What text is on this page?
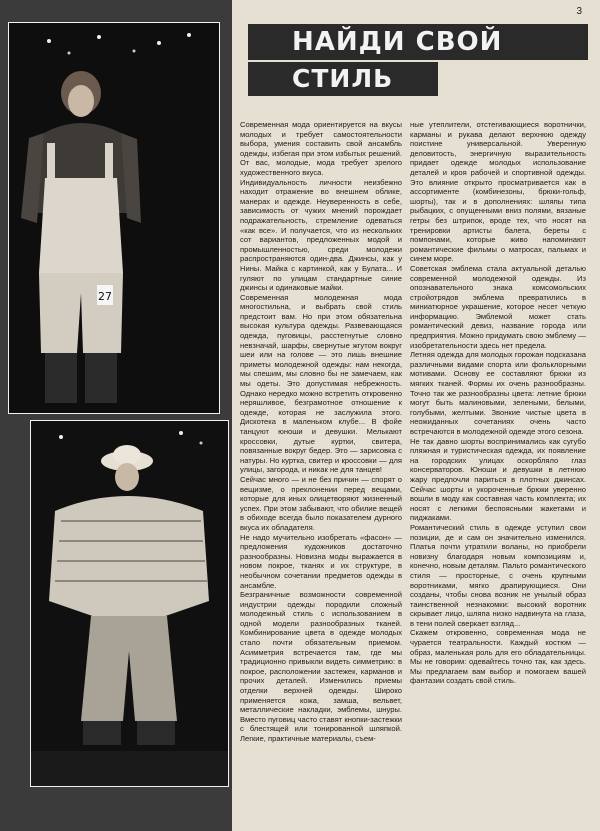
27
3
НАЙДИ СВОЙ
СТИЛЬ

Современная мода ориентируется на вкусы молодых и требует самостоятельности выбора, умения составить свой ансамбль одежды, избегая при этом избытых решений. От вас, молодые, мода требует зрелого художественного вкуса.

Индивидуальность личности неизбежно находит отражение во внешнем облике, манерах и одежде. Неуверенность в себе, зависимость от чужих мнений порождает подражательность, стремление одеваться «как все». И получается, что из нескольких сот вариантов, предложенных модой и промышленностью, среди молодежи распространяются один-два. Джинсы, как у Нины. Майка с картинкой, как у Булата... И гуляют по улицам стандартные синие джинсы и одинаковые майки.

Современная молодежная мода многостильна, и выбрать свой стиль предстоит вам. Но при этом обязательна высокая культура одежды. Развевающаяся одежда, пуговицы, расстегнутые словно невзначай, шарфы, свернутые жгутом вокруг шеи или на голове — это лишь внешние приметы молодежной одежды: нам некогда, мы спешим, мы словно бы не замечаем, как мы одеты. Это допустимая небрежность. Однако нередко можно встретить откровенно неряшливое, безграмотное отношение к одежде, которая не заслужила этого. Дискотека в маленьком клубе... В фойе танцуют юноши и девушки. Мелькают кроссовки, дутые куртки, свитера, повязанные вокруг бедер. Это — зарисовка с натуры. Но куртка, свитер и кроссовки — для улицы, загорода, и никак не для танцев!

Сейчас много — и не без причин — спорят о вещизме, о преклонении перед вещами, которые для иных олицетворяют жизненный успех. При этом забывают, что обилие вещей в обиходе всегда было показателем дурного вкуса их обладателя.

Не надо мучительно изобретать «фасон» — предложения художников достаточно разнообразны. Новизна моды выражается в новом покрое, тканях и их структуре, в необычном сочетании предметов одежды в ансамбле.

Безграничные возможности современной индустрии одежды породили сложный молодежный стиль с использованием в одной модели разнообразных тканей. Комбинирование цвета в одежде молодых стало почти обязательным приемом. Асимметрия встречается там, где мы традиционно привыкли видеть симметрию: в покрое, расположении застежек, карманов и прочих деталей. Изменились приемы отделки верхней одежды. Широко применяется кожа, замша, вельвет, металлические накладки, эмблемы, шнуры. Вместо пуговиц часто ставят кнопки-застежки с блестящей или тонированной шляпкой. Легкие, практичные материалы, съем-

ные утеплители, отстегивающиеся воротнички, карманы и рукава делают верхнюю одежду поистине универсальной. Уверенную деловитость, энергичную выразительность придает одежде молодых использование деталей и кроя рабочей и спортивной одежды. Это влияние открыто просматривается как в ассортименте (комбинезоны, брюки-гольф, шорты), так и в дополнениях: шляпы типа рыбацких, с опущенными вниз полями, вязаные гетры без штрипок, вроде тех, что носят на тренировки артисты балета, береты с помпонами, которые живо напоминают романтические фильмы о матросах, пальмах и синем море.

Советская эмблема стала актуальной деталью современной молодежной одежды. Из опознавательного знака комсомольских стройотрядов эмблема превратились в миниатюрное украшение, которое несет четкую информацию. Эмблемой может стать романтический девиз, название города или предприятия. Можно придумать свою эмблему — изобретательности здесь нет предела.

Летняя одежда для молодых горожан подсказана различными видами спорта или фольклорными мотивами. Основу ее составляют брюки из мягких тканей. Формы их очень разнообразны. Точно так же разнообразны цвета: летние брюки могут быть малиновыми, зелеными, белыми, голубыми, желтыми. Звонкие чистые цвета в неожиданных сочетаниях очень часто встречаются в молодежной одежде этого сезона.

Не так давно шорты воспринимались как сугубо пляжная и туристическая одежда, их появление на городских улицах оскорбляло глаз консерваторов. Юноши и девушки в летнюю жару предпочли париться в плотных джинсах. Сейчас шорты и укороченные брюки уверенно вошли в моду как составная часть комплекта; их носят с легкими беспоясными жакетами и пиджаками.

Романтический стиль в одежде уступил свои позиции, де и сам он значительно изменился. Платья почти утратили воланы, но приобрели новизну благодаря новым композициям и, конечно, новым деталям. Пальто романтического стиля — просторные, с очень крупными воротниками, мягко драпирующиеся. Они созданы, чтобы снова возник не унылый образ таинственной незнакомки: высокий воротник скрывает лицо, шляпа низко надвинута на глаза, в тени полей сверкает взгляд...

Скажем откровенно, современная мода не чурается театральности. Каждый костюм — образ, маленькая роль для его обладательницы. Мы не говорим: одевайтесь точно так, как здесь. Мы предлагаем вам выбор и помогаем вашей фантазии создать свой стиль.
